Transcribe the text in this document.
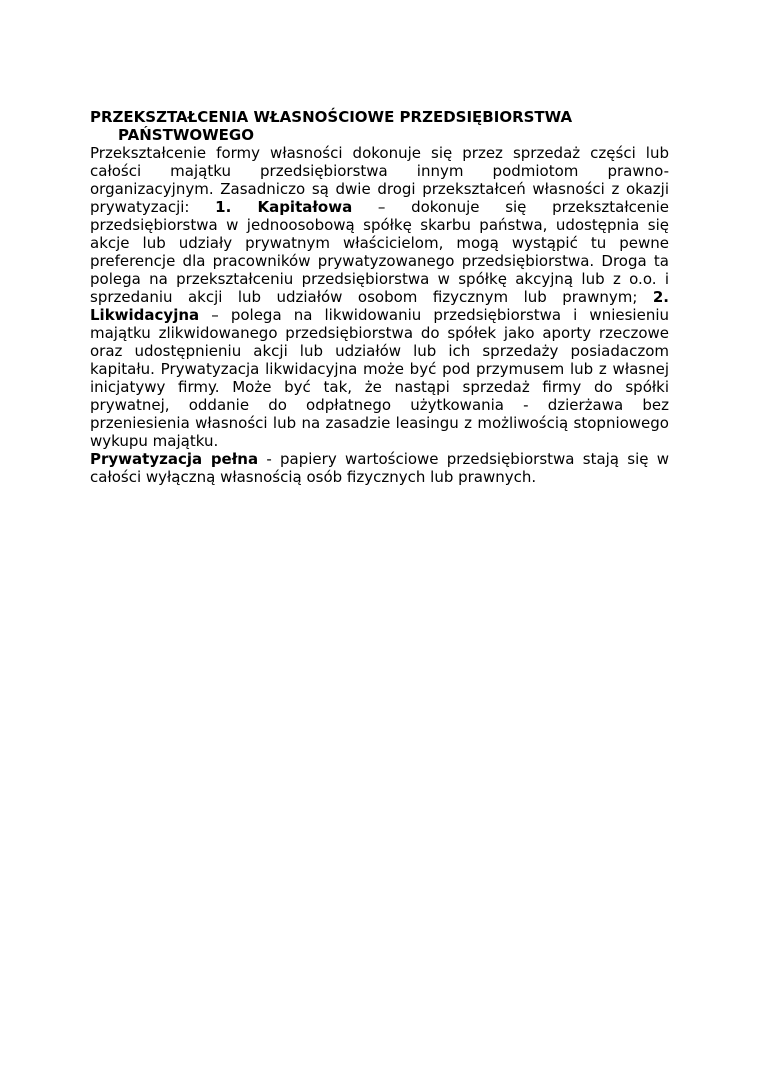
PRZEKSZTAŁCENIA WŁASNOŚCIOWE PRZEDSIĘBIORSTWA
PAŃSTWOWEGO

Przekształcenie formy własności dokonuje się przez sprzedaż części lub całości majątku przedsiębiorstwa innym podmiotom prawno-organizacyjnym. Zasadniczo są dwie drogi przekształceń własności z okazji prywatyzacji: 1. Kapitałowa – dokonuje się przekształcenie przedsiębiorstwa w jednoosobową spółkę skarbu państwa, udostępnia się akcje lub udziały prywatnym właścicielom, mogą wystąpić tu pewne preferencje dla pracowników prywatyzowanego przedsiębiorstwa. Droga ta polega na przekształceniu przedsiębiorstwa w spółkę akcyjną lub z o.o. i sprzedaniu akcji lub udziałów osobom fizycznym lub prawnym; 2. Likwidacyjna – polega na likwidowaniu przedsiębiorstwa i wniesieniu majątku zlikwidowanego przedsiębiorstwa do spółek jako aporty rzeczowe oraz udostępnieniu akcji lub udziałów lub ich sprzedaży posiadaczom kapitału. Prywatyzacja likwidacyjna może być pod przymusem lub z własnej inicjatywy firmy. Może być tak, że nastąpi sprzedaż firmy do spółki prywatnej, oddanie do odpłatnego użytkowania - dzierżawa bez przeniesienia własności lub na zasadzie leasingu z możliwością stopniowego wykupu majątku.

Prywatyzacja pełna - papiery wartościowe przedsiębiorstwa stają się w całości wyłączną własnością osób fizycznych lub prawnych.
